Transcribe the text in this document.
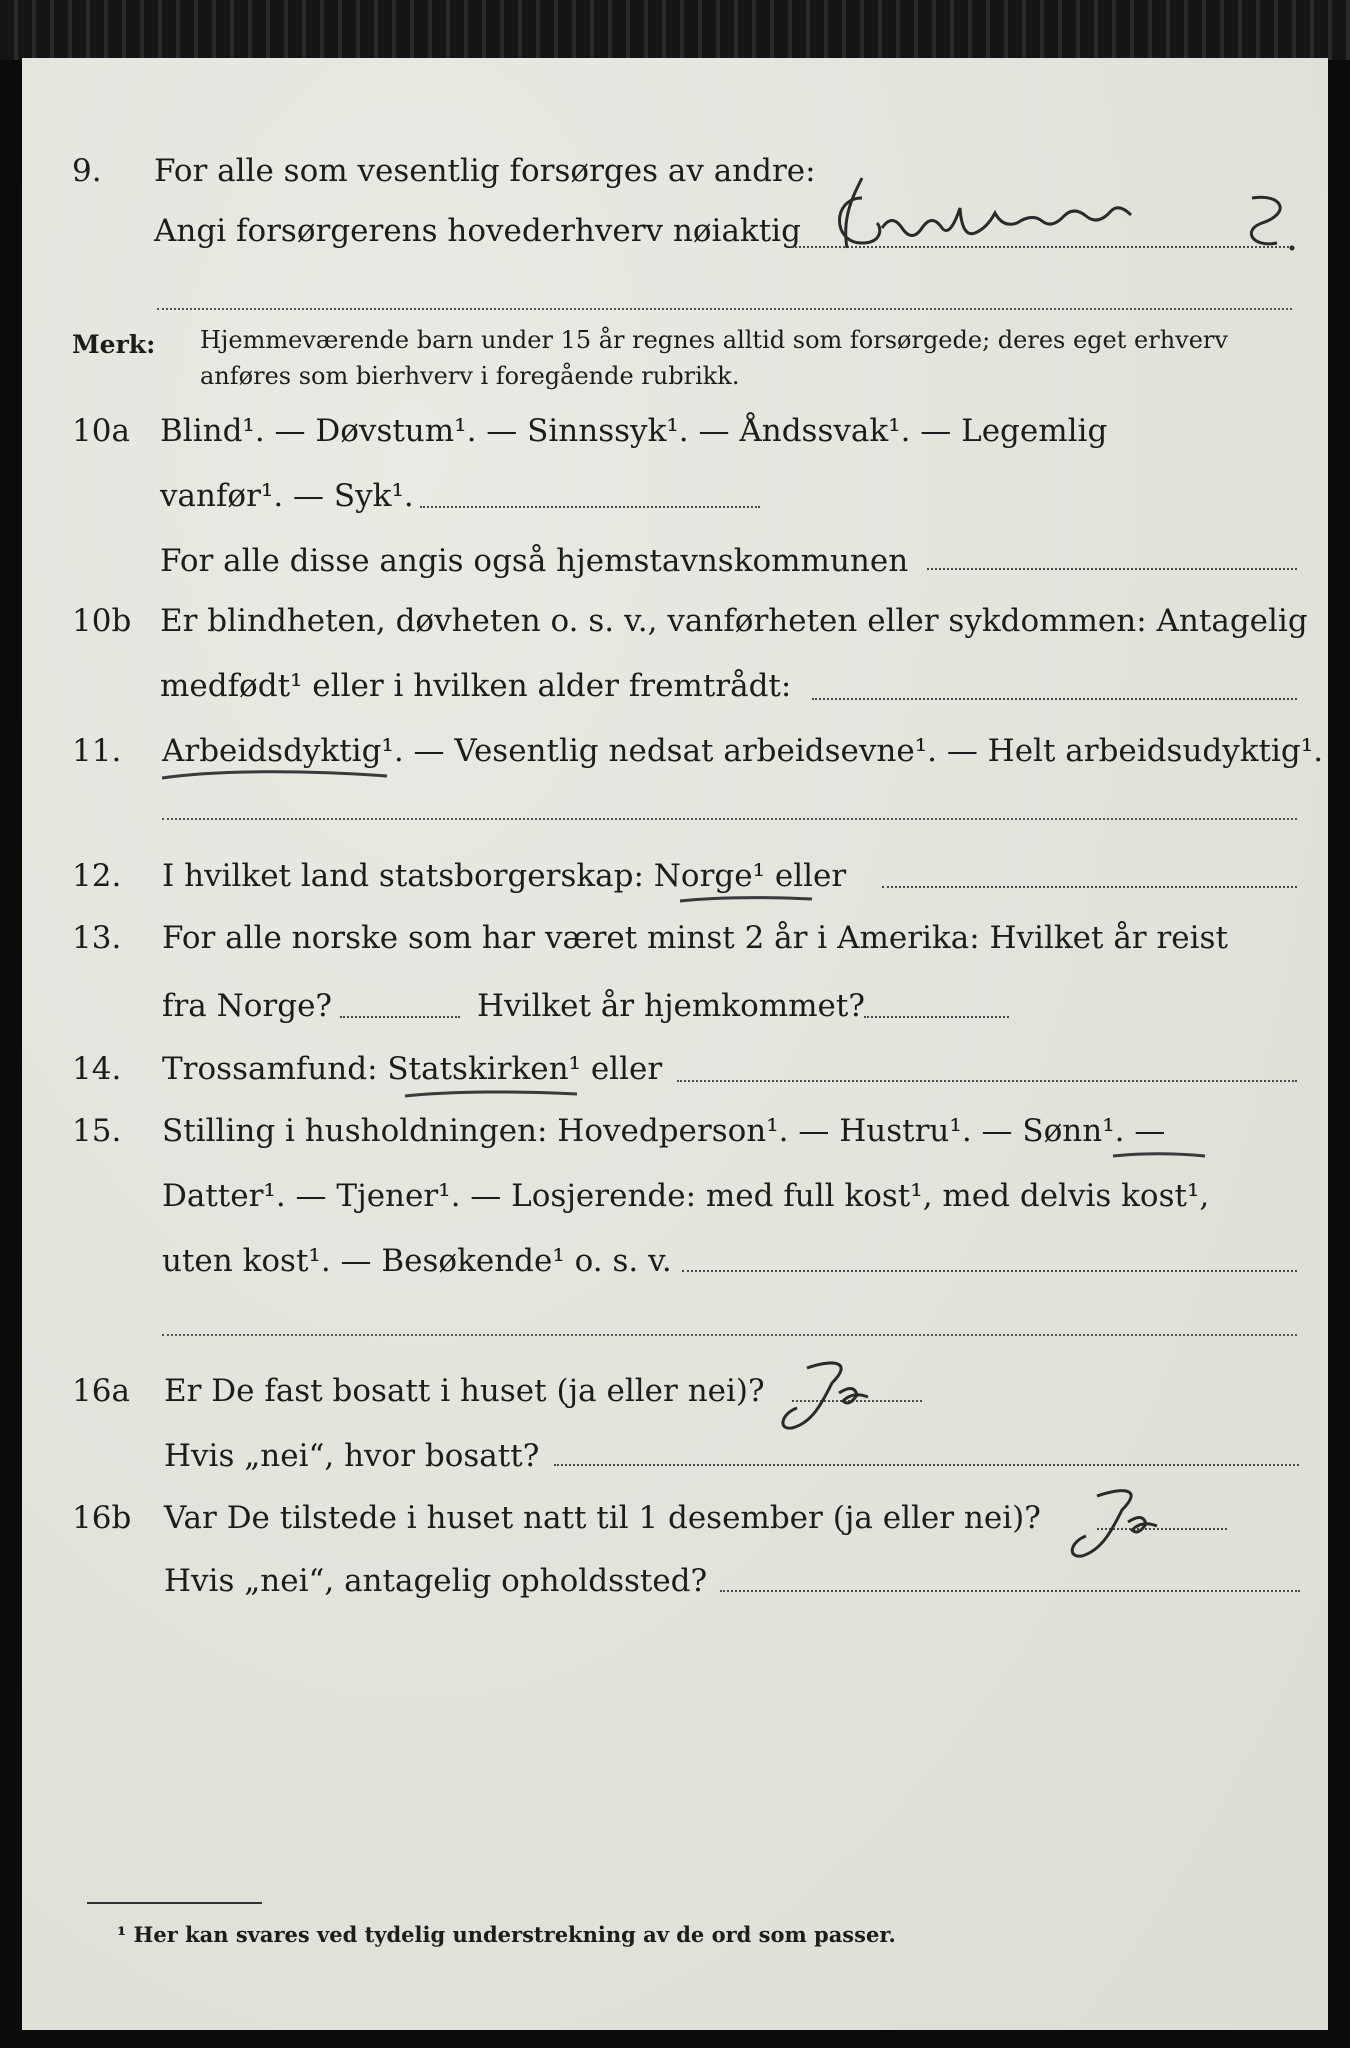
9. For alle som vesentlig forsørges av andre:
Angi forsørgerens hovederhverv nøiaktig
Merk: Hjemmeværende barn under 15 år regnes alltid som forsørgede; deres eget erhverv
anføres som bierhverv i foregående rubrikk.
10a Blind¹. — Døvstum¹. — Sinnssyk¹. — Åndssvak¹. — Legemlig
vanfør¹. — Syk¹.
For alle disse angis også hjemstavnskommunen
10b Er blindheten, døvheten o. s. v., vanførheten eller sykdommen: Antagelig
medfødt¹ eller i hvilken alder fremtrådt:
11. Arbeidsdyktig¹. — Vesentlig nedsat arbeidsevne¹. — Helt arbeidsudyktig¹.
12. I hvilket land statsborgerskap: Norge¹ eller
13. For alle norske som har været minst 2 år i Amerika: Hvilket år reist
fra Norge?	Hvilket år hjemkommet?
14. Trossamfund: Statskirken¹ eller
15. Stilling i husholdningen: Hovedperson¹. — Hustru¹. — Sønn¹. —
Datter¹. — Tjener¹. — Losjerende: med full kost¹, med delvis kost¹,
uten kost¹. — Besøkende¹ o. s. v.
16a Er De fast bosatt i huset (ja eller nei)?
Hvis „nei“, hvor bosatt?
16b Var De tilstede i huset natt til 1 desember (ja eller nei)?
Hvis „nei“, antagelig opholdssted?
¹ Her kan svares ved tydelig understrekning av de ord som passer.
